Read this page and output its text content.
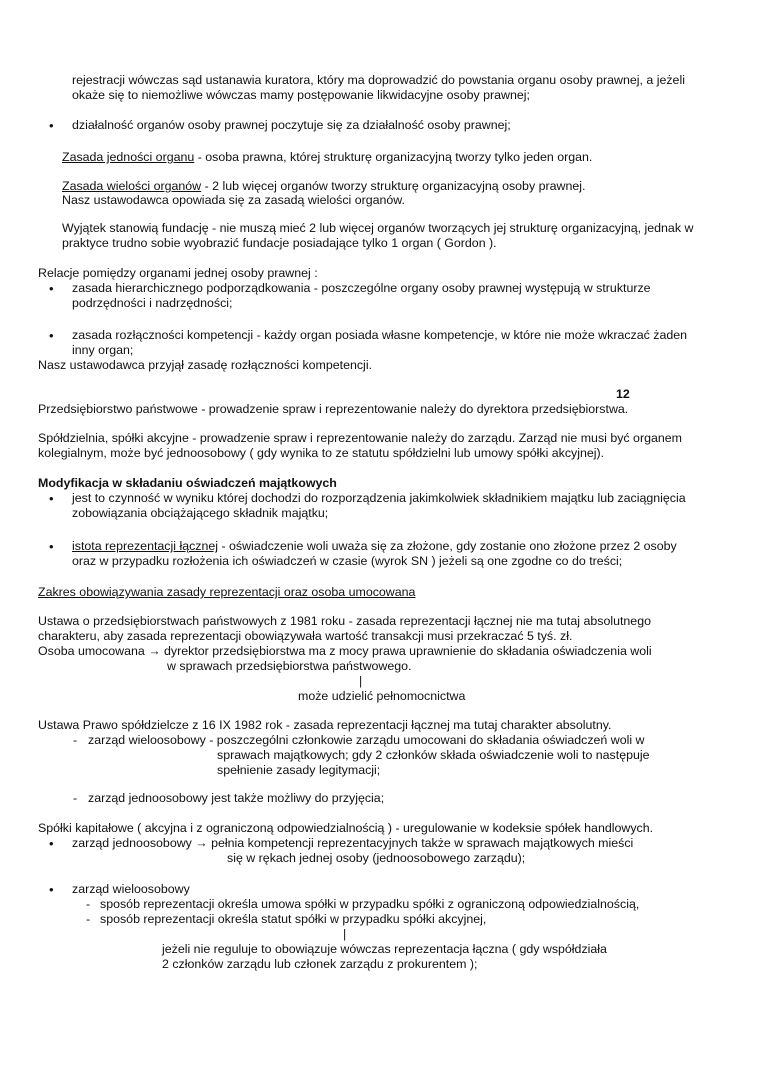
rejestracji wówczas sąd ustanawia kuratora, który ma doprowadzić do powstania organu osoby prawnej, a jeżeli
okaże się to niemożliwe wówczas mamy postępowanie likwidacyjne osoby prawnej;
• działalność organów osoby prawnej poczytuje się za działalność osoby prawnej;
Zasada jedności organu - osoba prawna, której strukturę organizacyjną tworzy tylko jeden organ.
Zasada wielości organów - 2 lub więcej organów tworzy strukturę organizacyjną osoby prawnej.
Nasz ustawodawca opowiada się za zasadą wielości organów.
Wyjątek stanowią fundację - nie muszą mieć 2 lub więcej organów tworzących jej strukturę organizacyjną, jednak w
praktyce trudno sobie wyobrazić fundacje posiadające tylko 1 organ ( Gordon ).
Relacje pomiędzy organami jednej osoby prawnej :
• zasada hierarchicznego podporządkowania - poszczególne organy osoby prawnej występują w strukturze
podrzędności i nadrzędności;
• zasada rozłączności kompetencji - każdy organ posiada własne kompetencje, w które nie może wkraczać żaden
inny organ;
Nasz ustawodawca przyjął zasadę rozłączności kompetencji.
12
Przedsiębiorstwo państwowe - prowadzenie spraw i reprezentowanie należy do dyrektora przedsiębiorstwa.
Spółdzielnia, spółki akcyjne - prowadzenie spraw i reprezentowanie należy do zarządu. Zarząd nie musi być organem
kolegialnym, może być jednoosobowy ( gdy wynika to ze statutu spółdzielni lub umowy spółki akcyjnej).
Modyfikacja w składaniu oświadczeń majątkowych
• jest to czynność w wyniku której dochodzi do rozporządzenia jakimkolwiek składnikiem majątku lub zaciągnięcia
zobowiązania obciążającego składnik majątku;
• istota reprezentacji łącznej - oświadczenie woli uważa się za złożone, gdy zostanie ono złożone przez 2 osoby
oraz w przypadku rozłożenia ich oświadczeń w czasie (wyrok SN ) jeżeli są one zgodne co do treści;
Zakres obowiązywania zasady reprezentacji oraz osoba umocowana
Ustawa o przedsiębiorstwach państwowych z 1981 roku - zasada reprezentacji łącznej nie ma tutaj absolutnego
charakteru, aby zasada reprezentacji obowiązywała wartość transakcji musi przekraczać 5 tyś. zł.
Osoba umocowana → dyrektor przedsiębiorstwa ma z mocy prawa uprawnienie do składania oświadczenia woli
w sprawach przedsiębiorstwa państwowego.
|
może udzielić pełnomocnictwa
Ustawa Prawo spółdzielcze z 16 IX 1982 rok - zasada reprezentacji łącznej ma tutaj charakter absolutny.
- zarząd wieloosobowy - poszczególni członkowie zarządu umocowani do składania oświadczeń woli w
sprawach majątkowych; gdy 2 członków składa oświadczenie woli to następuje
spełnienie zasady legitymacji;
- zarząd jednoosobowy jest także możliwy do przyjęcia;
Spółki kapitałowe ( akcyjna i z ograniczoną odpowiedzialnością ) - uregulowanie w kodeksie spółek handlowych.
• zarząd jednoosobowy → pełnia kompetencji reprezentacyjnych także w sprawach majątkowych mieści
się w rękach jednej osoby (jednoosobowego zarządu);
• zarząd wieloosobowy
- sposób reprezentacji określa umowa spółki w przypadku spółki z ograniczoną odpowiedzialnością,
- sposób reprezentacji określa statut spółki w przypadku spółki akcyjnej,
|
jeżeli nie reguluje to obowiązuje wówczas reprezentacja łączna ( gdy współdziała
2 członków zarządu lub członek zarządu z prokurentem );
